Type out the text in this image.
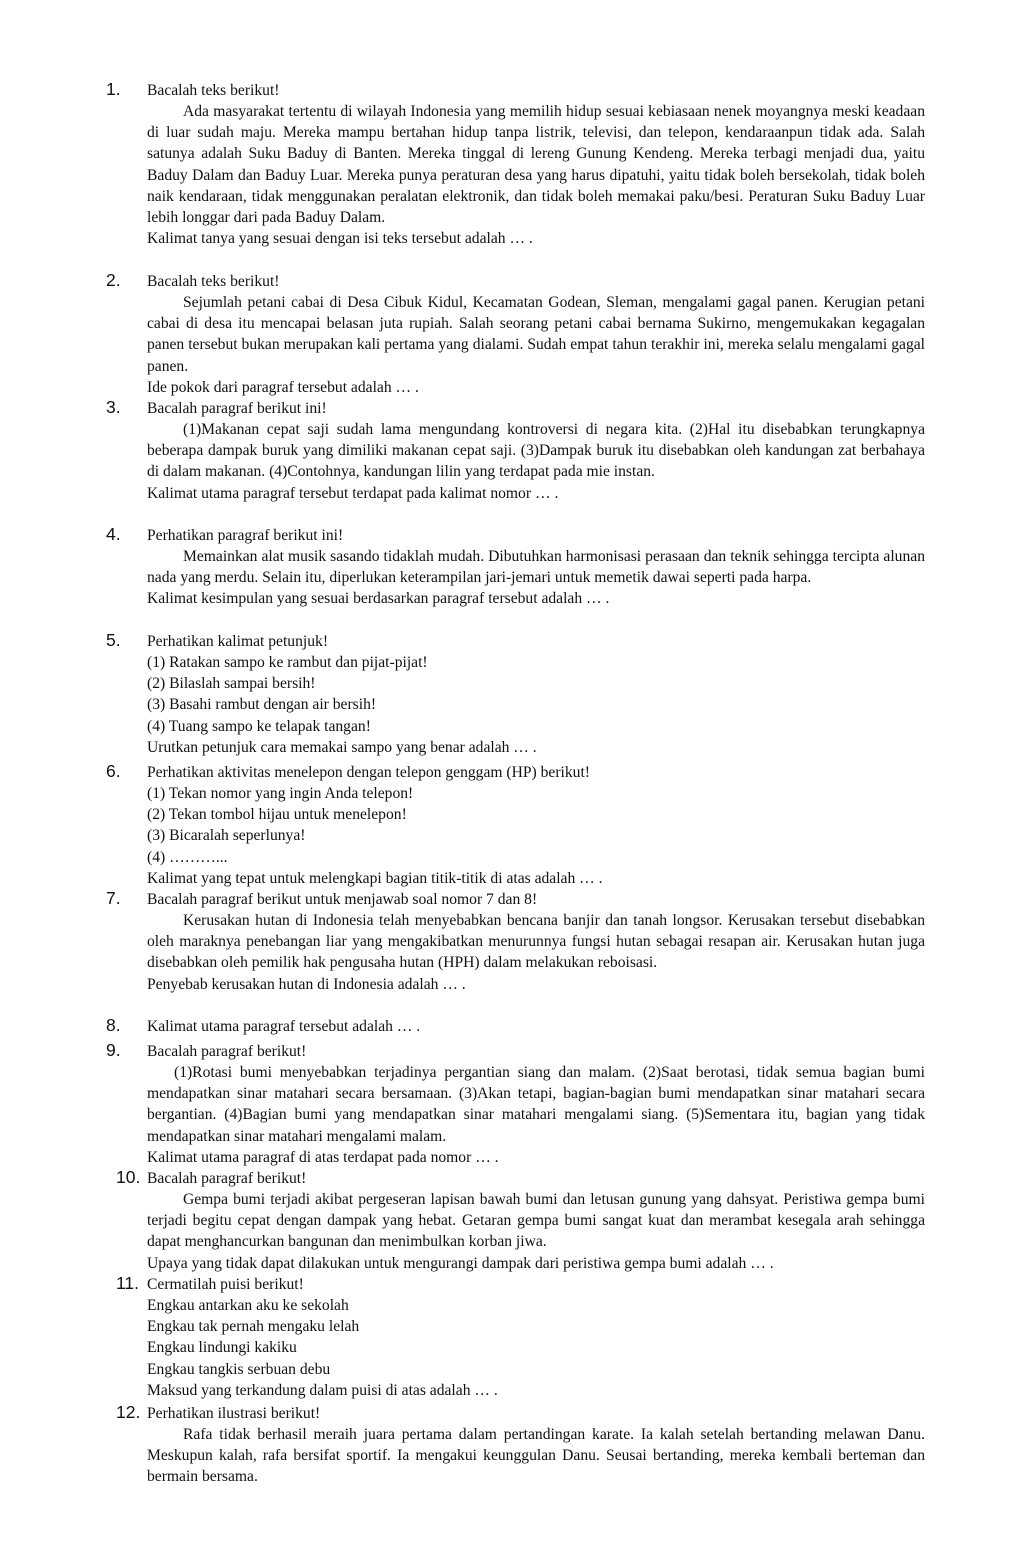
1.	Bacalah teks berikut!
Ada masyarakat tertentu di wilayah Indonesia yang memilih hidup sesuai kebiasaan nenek moyangnya meski keadaan di luar sudah maju. Mereka mampu bertahan hidup tanpa listrik, televisi, dan telepon, kendaraanpun tidak ada. Salah satunya adalah Suku Baduy di Banten. Mereka tinggal di lereng Gunung Kendeng. Mereka terbagi menjadi dua, yaitu Baduy Dalam dan Baduy Luar. Mereka punya peraturan desa yang harus dipatuhi, yaitu tidak boleh bersekolah, tidak boleh naik kendaraan, tidak menggunakan peralatan elektronik, dan tidak boleh memakai paku/besi. Peraturan Suku Baduy Luar lebih longgar dari pada Baduy Dalam.
Kalimat tanya yang sesuai dengan isi teks tersebut adalah … .
2.	Bacalah teks berikut!
Sejumlah petani cabai di Desa Cibuk Kidul, Kecamatan Godean, Sleman, mengalami gagal panen. Kerugian petani cabai di desa itu mencapai belasan juta rupiah. Salah seorang petani cabai bernama Sukirno, mengemukakan kegagalan panen tersebut bukan merupakan kali pertama yang dialami. Sudah empat tahun terakhir ini, mereka selalu mengalami gagal panen.
Ide pokok dari paragraf tersebut adalah … .
3.	Bacalah paragraf berikut ini!
(1)Makanan cepat saji sudah lama mengundang kontroversi di negara kita. (2)Hal itu disebabkan terungkapnya beberapa dampak buruk yang dimiliki makanan cepat saji. (3)Dampak buruk itu disebabkan oleh kandungan zat berbahaya di dalam makanan. (4)Contohnya, kandungan lilin yang terdapat pada mie instan.
Kalimat utama paragraf tersebut terdapat pada kalimat nomor … .
4.	Perhatikan paragraf berikut ini!
Memainkan alat musik sasando tidaklah mudah. Dibutuhkan harmonisasi perasaan dan teknik sehingga tercipta alunan nada yang merdu. Selain itu, diperlukan keterampilan jari-jemari untuk memetik dawai seperti pada harpa.
Kalimat kesimpulan yang sesuai berdasarkan paragraf tersebut adalah … .
5.	Perhatikan kalimat petunjuk!
(1) Ratakan sampo ke rambut dan pijat-pijat!
(2) Bilaslah sampai bersih!
(3) Basahi rambut dengan air bersih!
(4) Tuang sampo ke telapak tangan!
Urutkan petunjuk cara memakai sampo yang benar adalah … .
6.	Perhatikan aktivitas menelepon dengan telepon genggam (HP) berikut!
(1) Tekan nomor yang ingin Anda telepon!
(2) Tekan tombol hijau untuk menelepon!
(3) Bicaralah seperlunya!
(4) ………...
Kalimat yang tepat untuk melengkapi bagian titik-titik di atas adalah … .
7.	Bacalah paragraf berikut untuk menjawab soal nomor 7 dan 8!
Kerusakan hutan di Indonesia telah menyebabkan bencana banjir dan tanah longsor. Kerusakan tersebut disebabkan oleh maraknya penebangan liar yang mengakibatkan menurunnya fungsi hutan sebagai resapan air. Kerusakan hutan juga disebabkan oleh pemilik hak pengusaha hutan (HPH) dalam melakukan reboisasi.
Penyebab kerusakan hutan di Indonesia adalah … .
8.	Kalimat utama paragraf tersebut adalah … .
9.	Bacalah paragraf berikut!
(1)Rotasi bumi menyebabkan terjadinya pergantian siang dan malam. (2)Saat berotasi, tidak semua bagian bumi mendapatkan sinar matahari secara bersamaan. (3)Akan tetapi, bagian-bagian bumi mendapatkan sinar matahari secara bergantian. (4)Bagian bumi yang mendapatkan sinar matahari mengalami siang. (5)Sementara itu, bagian yang tidak mendapatkan sinar matahari mengalami malam.
Kalimat utama paragraf di atas terdapat pada nomor … .
10. Bacalah paragraf berikut!
Gempa bumi terjadi akibat pergeseran lapisan bawah bumi dan letusan gunung yang dahsyat. Peristiwa gempa bumi terjadi begitu cepat dengan dampak yang hebat. Getaran gempa bumi sangat kuat dan merambat kesegala arah sehingga dapat menghancurkan bangunan dan menimbulkan korban jiwa.
Upaya yang tidak dapat dilakukan untuk mengurangi dampak dari peristiwa gempa bumi adalah … .
11. Cermatilah puisi berikut!
Engkau antarkan aku ke sekolah
Engkau tak pernah mengaku lelah
Engkau lindungi kakiku
Engkau tangkis serbuan debu
Maksud yang terkandung dalam puisi di atas adalah … .
12. Perhatikan ilustrasi berikut!
Rafa tidak berhasil meraih juara pertama dalam pertandingan karate. Ia kalah setelah bertanding melawan Danu. Meskupun kalah, rafa bersifat sportif. Ia mengakui keunggulan Danu. Seusai bertanding, mereka kembali berteman dan bermain bersama.
